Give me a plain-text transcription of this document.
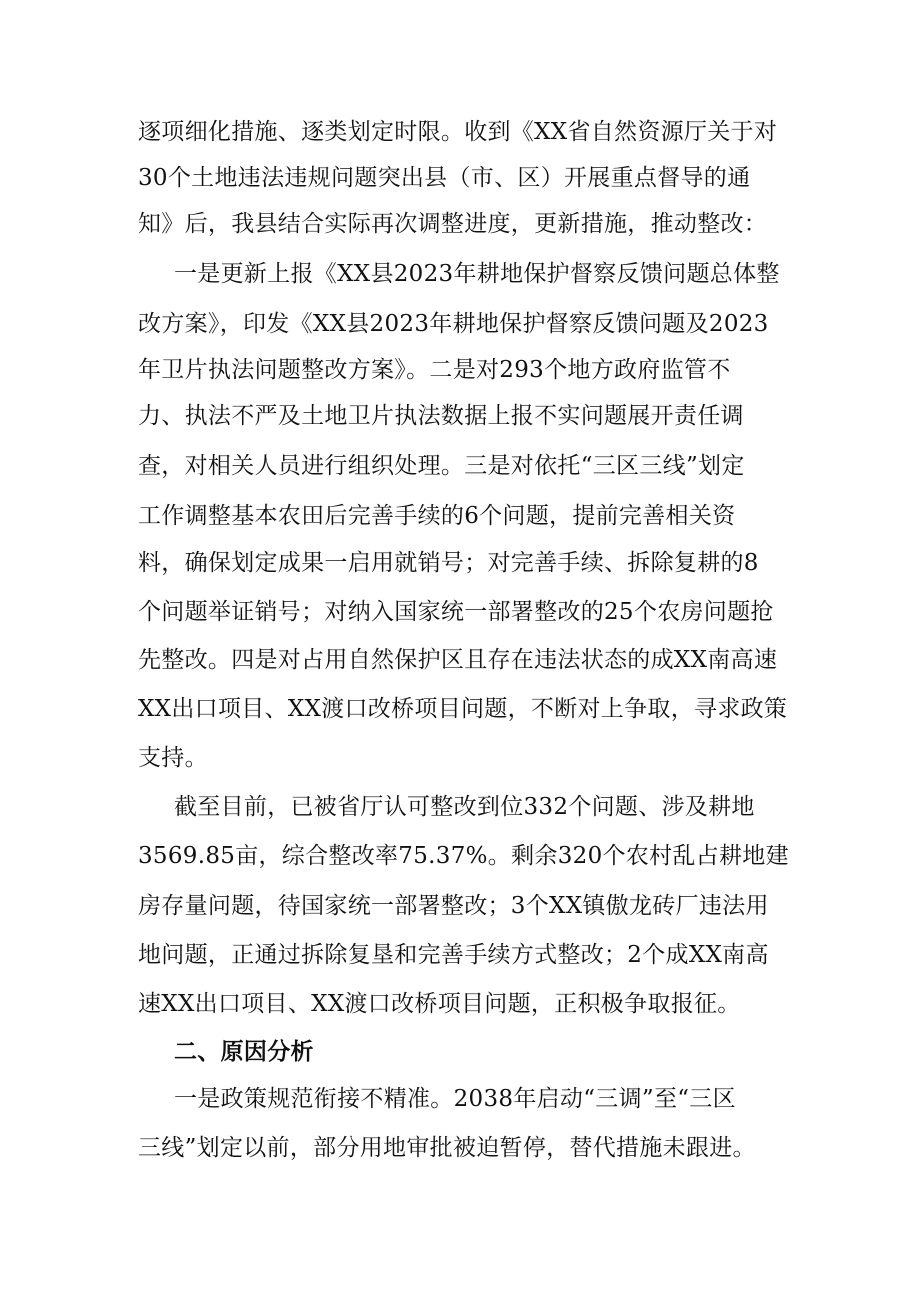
逐项细化措施、逐类划定时限。收到《XX省自然资源厅关于对
30个土地违法违规问题突出县（市、区）开展重点督导的通
知》后，我县结合实际再次调整进度，更新措施，推动整改：
一是更新上报《XX县2023年耕地保护督察反馈问题总体整
改方案》，印发《XX县2023年耕地保护督察反馈问题及2023
年卫片执法问题整改方案》。二是对293个地方政府监管不
力、执法不严及土地卫片执法数据上报不实问题展开责任调
查，对相关人员进行组织处理。三是对依托“三区三线”划定
工作调整基本农田后完善手续的6个问题，提前完善相关资
料，确保划定成果一启用就销号；对完善手续、拆除复耕的8
个问题举证销号；对纳入国家统一部署整改的25个农房问题抢
先整改。四是对占用自然保护区且存在违法状态的成XX南高速
XX出口项目、XX渡口改桥项目问题，不断对上争取，寻求政策
支持。
截至目前，已被省厅认可整改到位332个问题、涉及耕地
3569.85亩，综合整改率75.37%。剩余320个农村乱占耕地建
房存量问题，待国家统一部署整改；3个XX镇傲龙砖厂违法用
地问题，正通过拆除复垦和完善手续方式整改；2个成XX南高
速XX出口项目、XX渡口改桥项目问题，正积极争取报征。
二、原因分析
一是政策规范衔接不精准。2038年启动“三调”至“三区
三线”划定以前，部分用地审批被迫暂停，替代措施未跟进。
